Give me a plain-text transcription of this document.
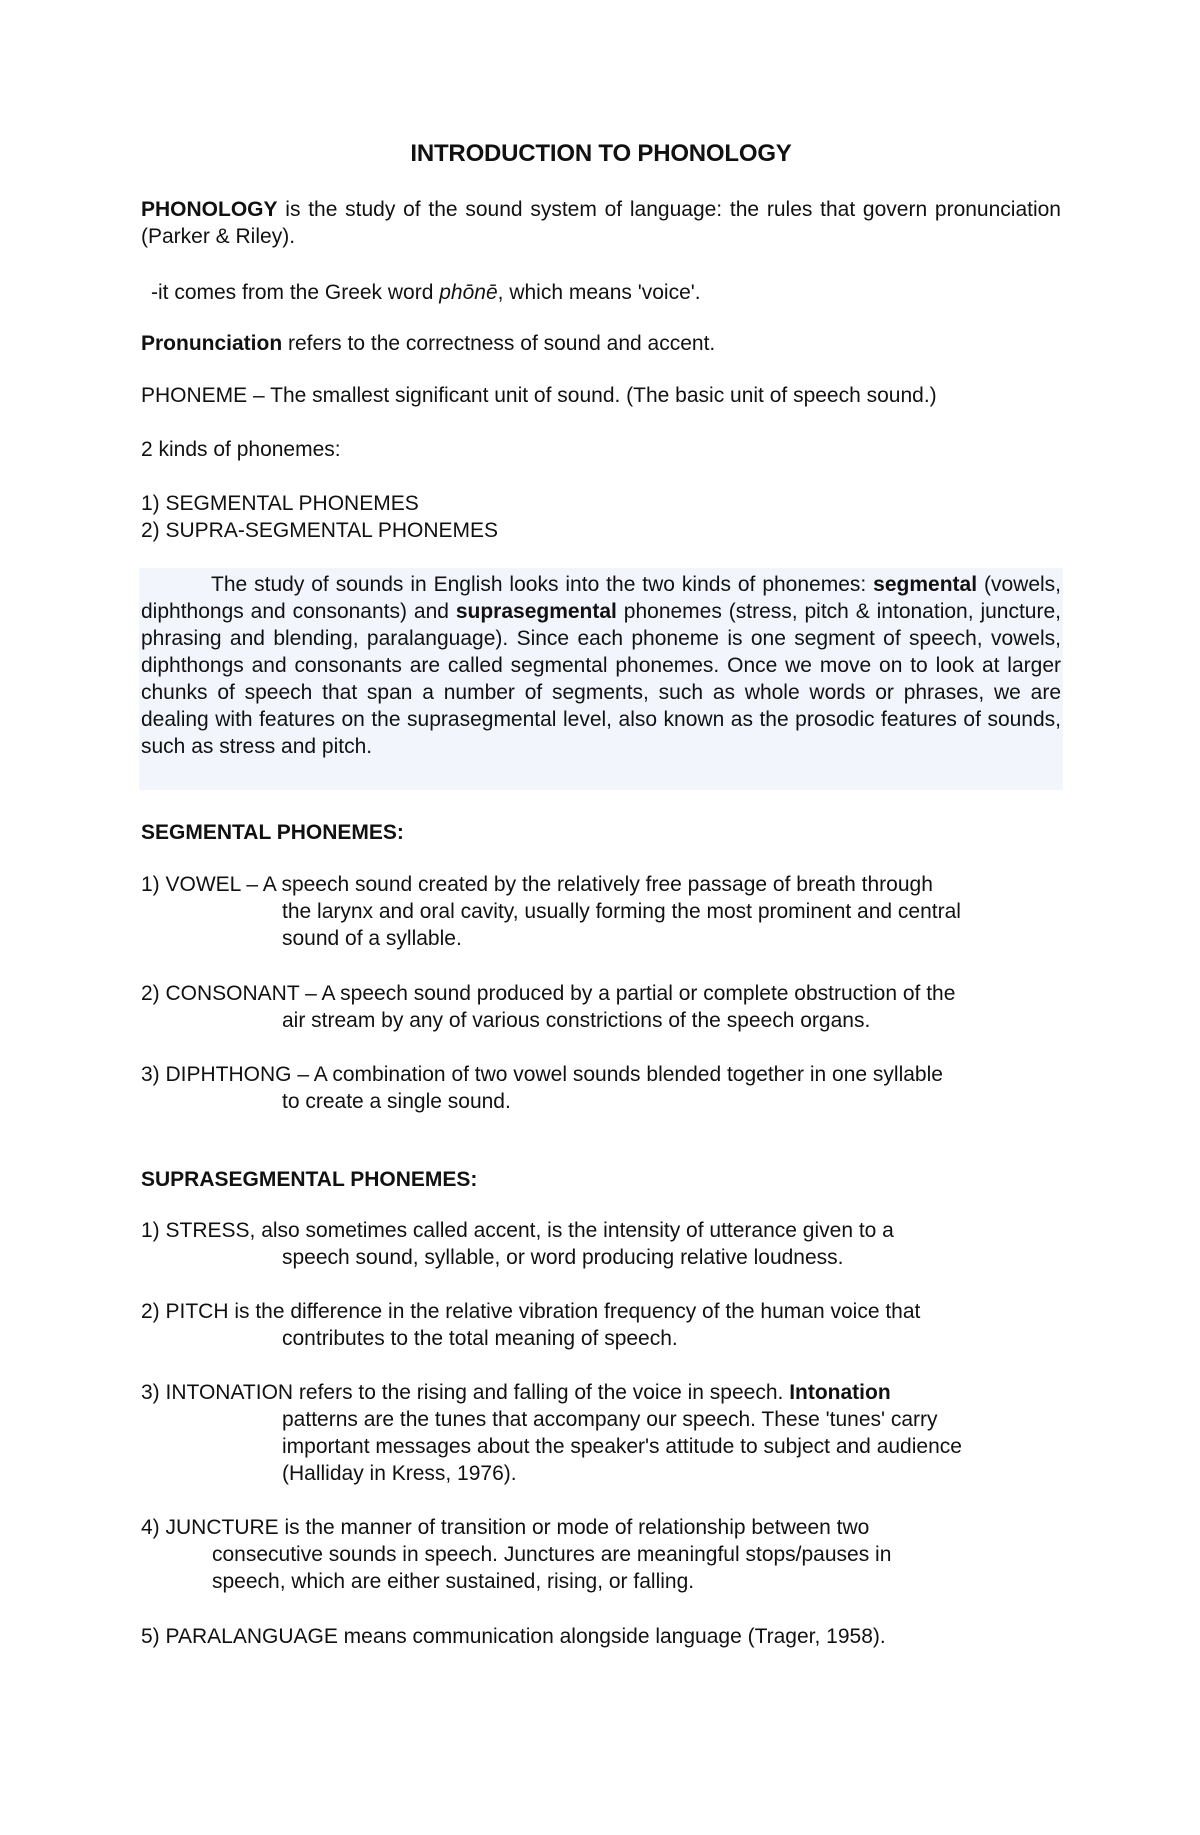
INTRODUCTION TO PHONOLOGY
PHONOLOGY is the study of the sound system of language: the rules that govern pronunciation (Parker & Riley).
-it comes from the Greek word phōnē, which means 'voice'.
Pronunciation refers to the correctness of sound and accent.
PHONEME – The smallest significant unit of sound. (The basic unit of speech sound.)
2 kinds of phonemes:
1) SEGMENTAL PHONEMES
2) SUPRA-SEGMENTAL PHONEMES
The study of sounds in English looks into the two kinds of phonemes: segmental (vowels, diphthongs and consonants) and suprasegmental phonemes (stress, pitch & intonation, juncture, phrasing and blending, paralanguage). Since each phoneme is one segment of speech, vowels, diphthongs and consonants are called segmental phonemes. Once we move on to look at larger chunks of speech that span a number of segments, such as whole words or phrases, we are dealing with features on the suprasegmental level, also known as the prosodic features of sounds, such as stress and pitch.
SEGMENTAL PHONEMES:
1) VOWEL – A speech sound created by the relatively free passage of breath through
the larynx and oral cavity, usually forming the most prominent and central
sound of a syllable.
2) CONSONANT – A speech sound produced by a partial or complete obstruction of the
air stream by any of various constrictions of the speech organs.
3) DIPHTHONG – A combination of two vowel sounds blended together in one syllable
to create a single sound.
SUPRASEGMENTAL PHONEMES:
1) STRESS, also sometimes called accent, is the intensity of utterance given to a
speech sound, syllable, or word producing relative loudness.
2) PITCH is the difference in the relative vibration frequency of the human voice that
contributes to the total meaning of speech.
3) INTONATION refers to the rising and falling of the voice in speech. Intonation
patterns are the tunes that accompany our speech. These 'tunes' carry
important messages about the speaker's attitude to subject and audience
(Halliday in Kress, 1976).
4) JUNCTURE is the manner of transition or mode of relationship between two
consecutive sounds in speech. Junctures are meaningful stops/pauses in
speech, which are either sustained, rising, or falling.
5) PARALANGUAGE means communication alongside language (Trager, 1958).
